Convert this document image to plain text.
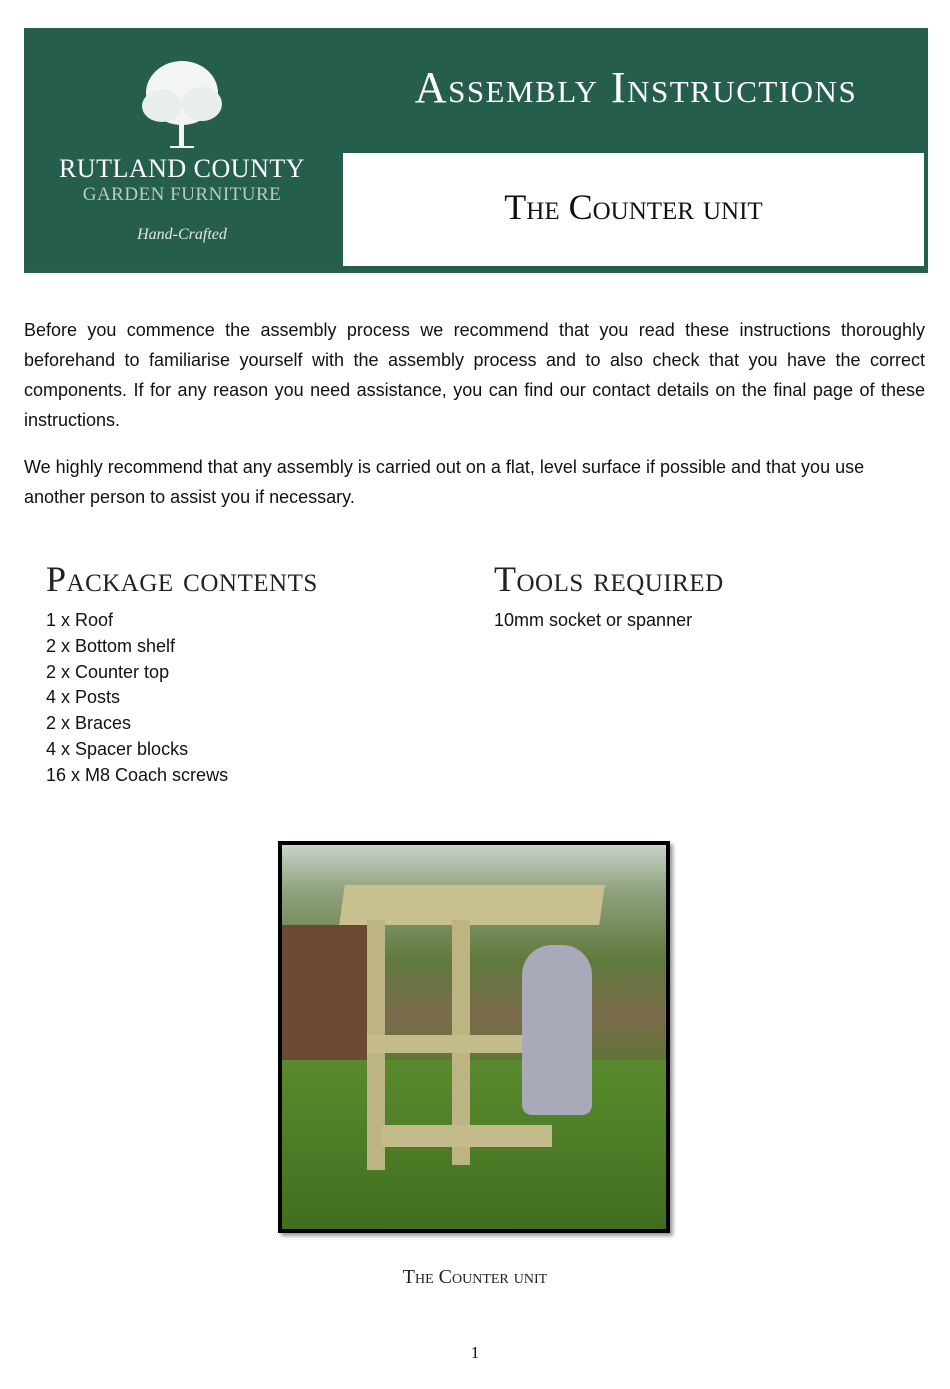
RUTLAND COUNTY
GARDEN FURNITURE
Hand-Crafted
Assembly Instructions
The Counter unit

Before you commence the assembly process we recommend that you read these instructions thoroughly beforehand to familiarise yourself with the assembly process and to also check that you have the correct components. If for any reason you need assistance, you can find our contact details on the final page of these instructions.

We highly recommend that any assembly is carried out on a flat, level surface if possible and that you use another person to assist you if necessary.

Package contents
1 x Roof
2 x Bottom shelf
2 x Counter top
4 x Posts
2 x Braces
4 x Spacer blocks
16 x M8 Coach screws
Tools required
10mm socket or spanner
The Counter unit
1
